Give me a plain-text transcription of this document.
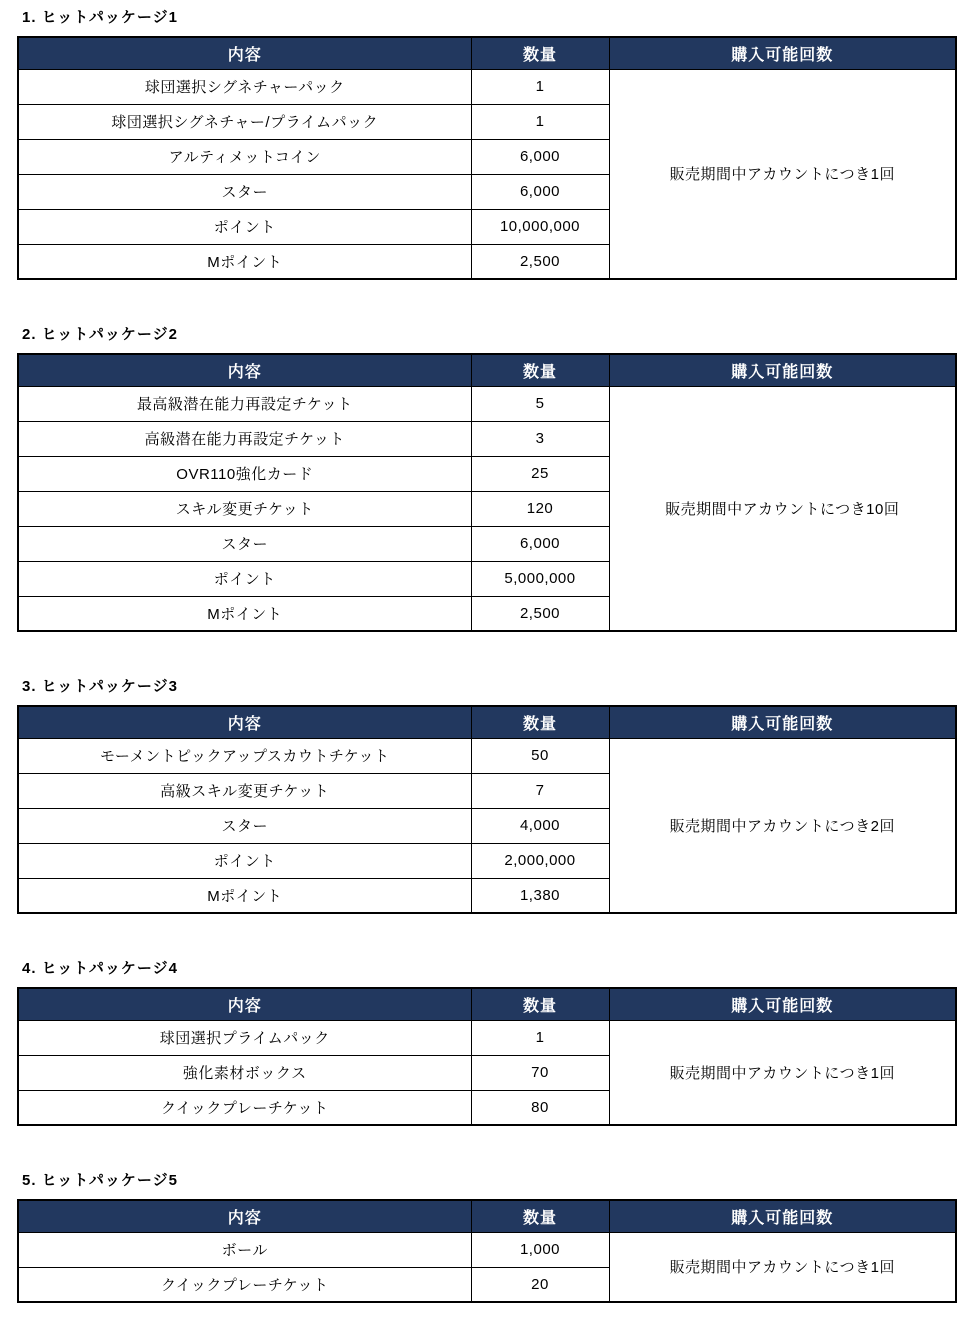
1. ヒットパッケージ1
内容	数量	購入可能回数
球団選択シグネチャーパック	1	販売期間中アカウントにつき1回
球団選択シグネチャー/プライムパック	1	
アルティメットコイン	6,000	
スター	6,000	
ポイント	10,000,000	
Mポイント	2,500	
2. ヒットパッケージ2
内容	数量	購入可能回数
最高級潜在能力再設定チケット	5	販売期間中アカウントにつき10回
高級潜在能力再設定チケット	3	
OVR110強化カード	25	
スキル変更チケット	120	
スター	6,000	
ポイント	5,000,000	
Mポイント	2,500	
3. ヒットパッケージ3
内容	数量	購入可能回数
モーメントピックアップスカウトチケット	50	販売期間中アカウントにつき2回
高級スキル変更チケット	7	
スター	4,000	
ポイント	2,000,000	
Mポイント	1,380	
4. ヒットパッケージ4
内容	数量	購入可能回数
球団選択プライムパック	1	販売期間中アカウントにつき1回
強化素材ボックス	70	
クイックプレーチケット	80	
5. ヒットパッケージ5
内容	数量	購入可能回数
ボール	1,000	販売期間中アカウントにつき1回
クイックプレーチケット	20	
